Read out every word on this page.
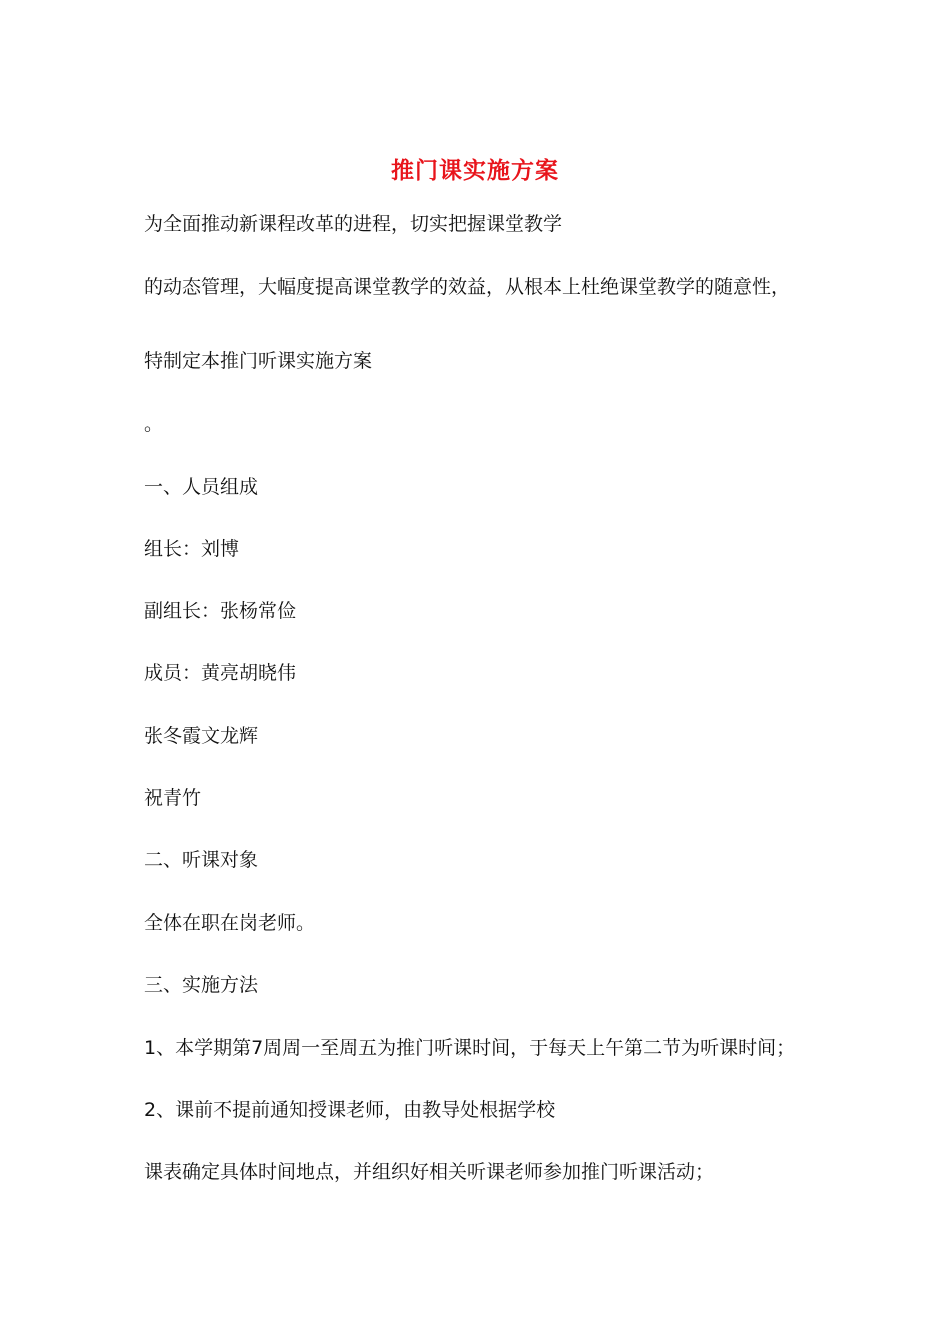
推门课实施方案
为全面推动新课程改革的进程，切实把握课堂教学
的动态管理，大幅度提高课堂教学的效益，从根本上杜绝课堂教学的随意性，
特制定本推门听课实施方案
。
一、人员组成
组长：刘博
副组长：张杨常俭
成员：黄亮胡晓伟
张冬霞文龙辉
祝青竹
二、听课对象
全体在职在岗老师。
三、实施方法
1、本学期第7周周一至周五为推门听课时间，于每天上午第二节为听课时间；
2、课前不提前通知授课老师，由教导处根据学校
课表确定具体时间地点，并组织好相关听课老师参加推门听课活动；
